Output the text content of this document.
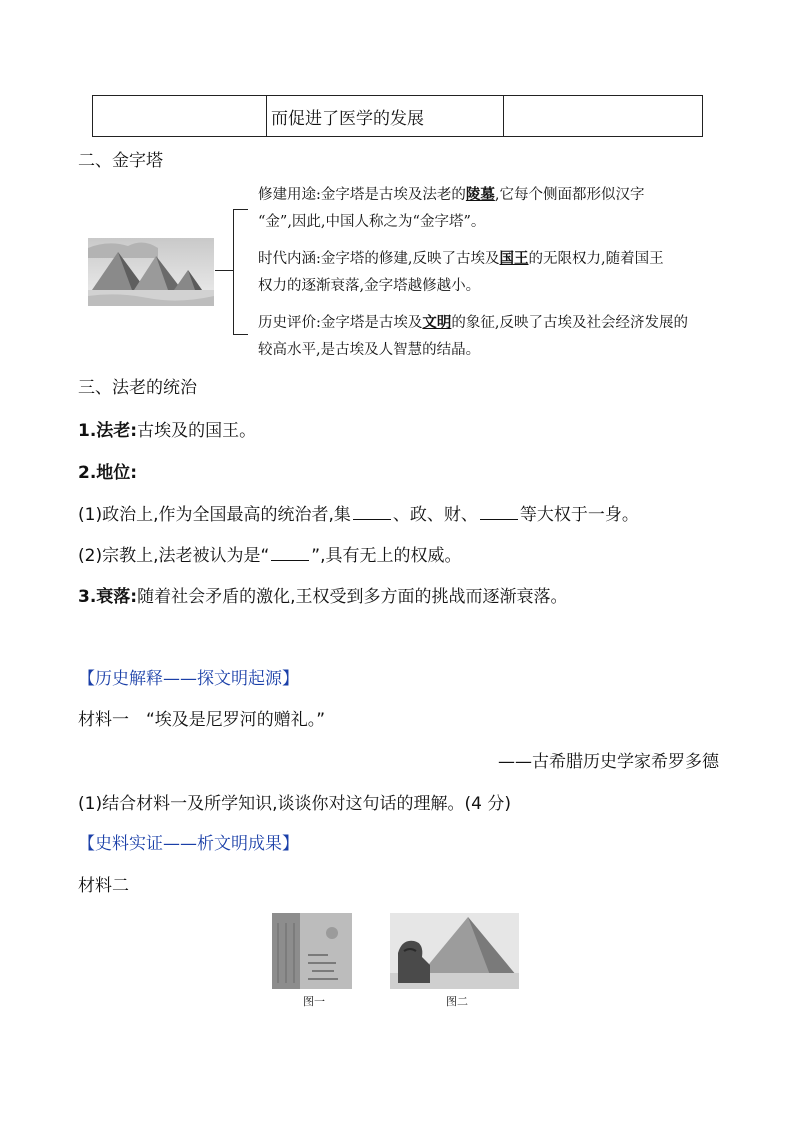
	而促进了医学的发展	
二、金字塔
修建用途:金字塔是古埃及法老的陵墓,它每个侧面都形似汉字
“金”,因此,中国人称之为“金字塔”。
时代内涵:金字塔的修建,反映了古埃及国王的无限权力,随着国王
权力的逐渐衰落,金字塔越修越小。
历史评价:金字塔是古埃及文明的象征,反映了古埃及社会经济发展的
较高水平,是古埃及人智慧的结晶。
三、法老的统治
1.法老:古埃及的国王。
2.地位:
(1)政治上,作为全国最高的统治者,集 、政、财、 等大权于一身。
(2)宗教上,法老被认为是“ ”,具有无上的权威。
3.衰落:随着社会矛盾的激化,王权受到多方面的挑战而逐渐衰落。
【历史解释——探文明起源】
材料一　“埃及是尼罗河的赠礼。”
——古希腊历史学家希罗多德
(1)结合材料一及所学知识,谈谈你对这句话的理解。(4 分)
【史料实证——析文明成果】
材料二
图一	图二
